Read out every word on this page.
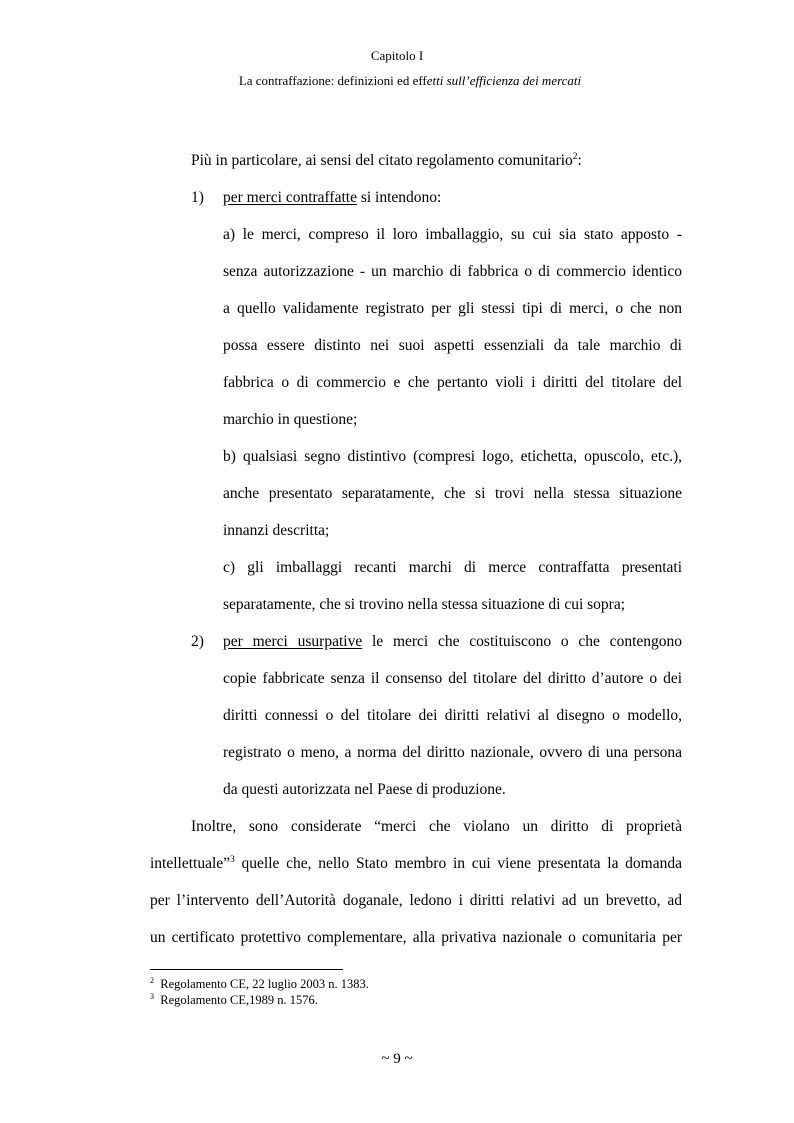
Capitolo I
La contraffazione: definizioni ed effetti sull’efficienza dei mercati
Più in particolare, ai sensi del citato regolamento comunitario$^2$:
1) per merci contraffatte si intendono:
a) le merci, compreso il loro imballaggio, su cui sia stato apposto -
senza autorizzazione - un marchio di fabbrica o di commercio identico
a quello validamente registrato per gli stessi tipi di merci, o che non
possa essere distinto nei suoi aspetti essenziali da tale marchio di
fabbrica o di commercio e che pertanto violi i diritti del titolare del
marchio in questione;
b) qualsiasi segno distintivo (compresi logo, etichetta, opuscolo, etc.),
anche presentato separatamente, che si trovi nella stessa situazione
innanzi descritta;
c) gli imballaggi recanti marchi di merce contraffatta presentati
separatamente, che si trovino nella stessa situazione di cui sopra;
2) per merci usurpative le merci che costituiscono o che contengono
copie fabbricate senza il consenso del titolare del diritto d’autore o dei
diritti connessi o del titolare dei diritti relativi al disegno o modello,
registrato o meno, a norma del diritto nazionale, ovvero di una persona
da questi autorizzata nel Paese di produzione.
Inoltre, sono considerate “merci che violano un diritto di proprietà
intellettuale”$^3$ quelle che, nello Stato membro in cui viene presentata la domanda
per l’intervento dell’Autorità doganale, ledono i diritti relativi ad un brevetto, ad
un certificato protettivo complementare, alla privativa nazionale o comunitaria per
$^2$ Regolamento CE, 22 luglio 2003 n. 1383.
$^3$ Regolamento CE,1989 n. 1576.
~ 9 ~
